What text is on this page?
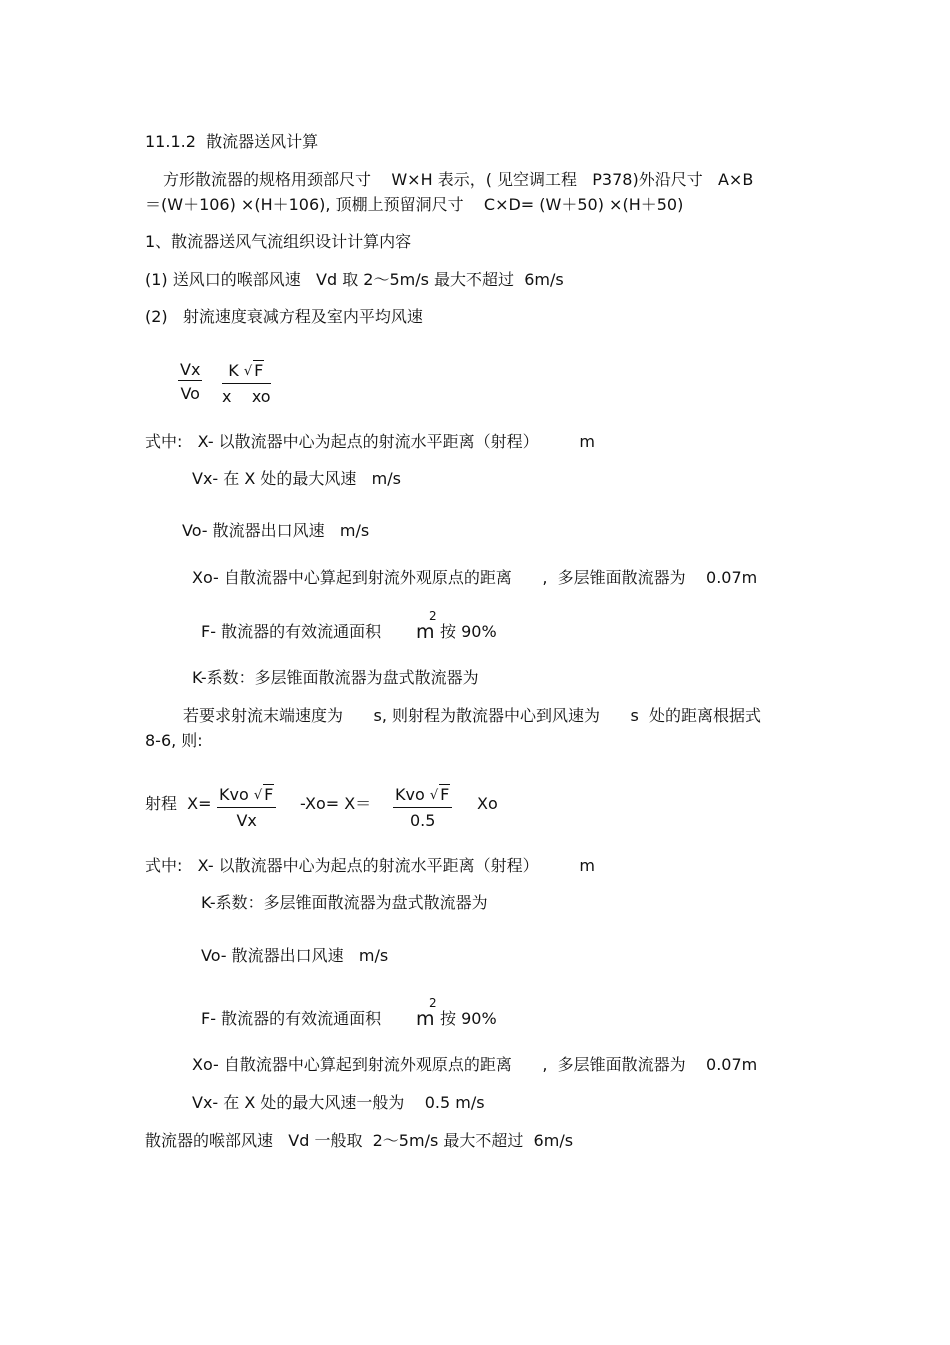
11.1.2  散流器送风计算
方形散流器的规格用颈部尺寸    W×H 表示，( 见空调工程   P378)外沿尺寸   A×B
＝(W＋106) ×(H＋106), 顶棚上预留洞尺寸    C×D= (W＋50) ×(H＋50)
1、散流器送风气流组织设计计算内容
(1) 送风口的喉部风速   Vd 取 2～5m/s 最大不超过  6m/s
(2)   射流速度衰减方程及室内平均风速
$\frac{Vx}{Vo} \frac{K √ F}{\text{x    xo}}$
式中:   X- 以散流器中心为起点的射流水平距离（射程）        m
Vx- 在 X 处的最大风速   m/s
Vo- 散流器出口风速   m/s
Xo- 自散流器中心算起到射流外观原点的距离      ,  多层锥面散流器为    0.07m
F- 散流器的有效流通面积 m
2
按 90%
K-系数：多层锥面散流器为盘式散流器为
若要求射流末端速度为      s, 则射程为散流器中心到风速为      s  处的距离根据式
8-6, 则:
射程  X= Kvo √ F
Vx
-Xo= X＝ Kvo √ F
0.5
Xo
式中:   X- 以散流器中心为起点的射流水平距离（射程）        m
K-系数：多层锥面散流器为盘式散流器为
Vo- 散流器出口风速   m/s
F- 散流器的有效流通面积 m
2
按 90%
Xo- 自散流器中心算起到射流外观原点的距离      ,  多层锥面散流器为    0.07m
Vx- 在 X 处的最大风速一般为    0.5 m/s
散流器的喉部风速   Vd 一般取  2～5m/s 最大不超过  6m/s
